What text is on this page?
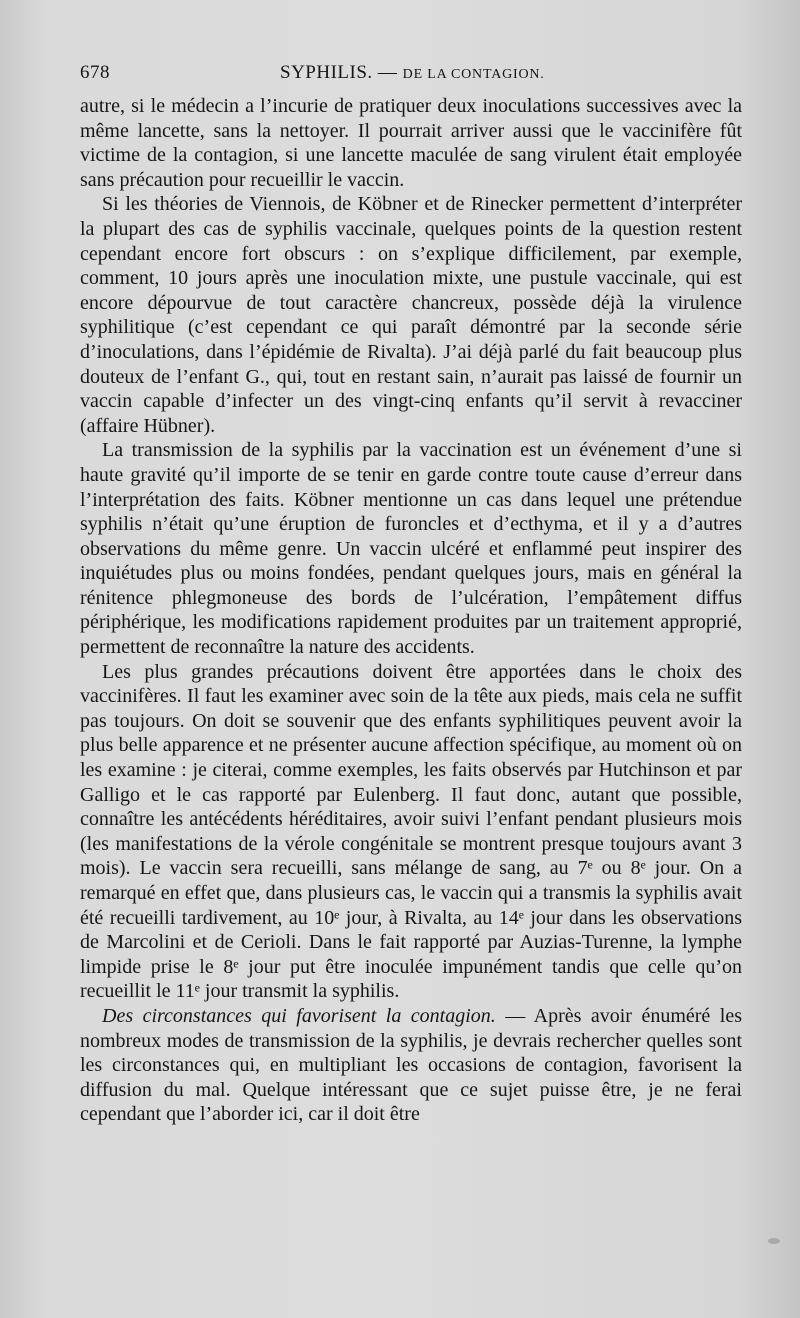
678	SYPHILIS. — DE LA CONTAGION.

autre, si le médecin a l’incurie de pratiquer deux inoculations successives avec la même lancette, sans la nettoyer. Il pourrait arriver aussi que le vaccinifère fût victime de la contagion, si une lancette maculée de sang virulent était employée sans précaution pour recueillir le vaccin.

Si les théories de Viennois, de Köbner et de Rinecker permettent d’interpréter la plupart des cas de syphilis vaccinale, quelques points de la question restent cependant encore fort obscurs : on s’explique difficilement, par exemple, comment, 10 jours après une inoculation mixte, une pustule vaccinale, qui est encore dépourvue de tout caractère chancreux, possède déjà la virulence syphilitique (c’est cependant ce qui paraît démontré par la seconde série d’inoculations, dans l’épidémie de Rivalta). J’ai déjà parlé du fait beaucoup plus douteux de l’enfant G., qui, tout en restant sain, n’aurait pas laissé de fournir un vaccin capable d’infecter un des vingt-cinq enfants qu’il servit à revacciner (affaire Hübner).

La transmission de la syphilis par la vaccination est un événement d’une si haute gravité qu’il importe de se tenir en garde contre toute cause d’erreur dans l’interprétation des faits. Köbner mentionne un cas dans lequel une prétendue syphilis n’était qu’une éruption de furoncles et d’ecthyma, et il y a d’autres observations du même genre. Un vaccin ulcéré et enflammé peut inspirer des inquiétudes plus ou moins fondées, pendant quelques jours, mais en général la rénitence phlegmoneuse des bords de l’ulcération, l’empâtement diffus périphérique, les modifications rapidement produites par un traitement approprié, permettent de reconnaître la nature des accidents.

Les plus grandes précautions doivent être apportées dans le choix des vaccinifères. Il faut les examiner avec soin de la tête aux pieds, mais cela ne suffit pas toujours. On doit se souvenir que des enfants syphilitiques peuvent avoir la plus belle apparence et ne présenter aucune affection spécifique, au moment où on les examine : je citerai, comme exemples, les faits observés par Hutchinson et par Galligo et le cas rapporté par Eulenberg. Il faut donc, autant que possible, connaître les antécédents héréditaires, avoir suivi l’enfant pendant plusieurs mois (les manifestations de la vérole congénitale se montrent presque toujours avant 3 mois). Le vaccin sera recueilli, sans mélange de sang, au 7ᵉ ou 8ᵉ jour. On a remarqué en effet que, dans plusieurs cas, le vaccin qui a transmis la syphilis avait été recueilli tardivement, au 10ᵉ jour, à Rivalta, au 14ᵉ jour dans les observations de Marcolini et de Cerioli. Dans le fait rapporté par Auzias-Turenne, la lymphe limpide prise le 8ᵉ jour put être inoculée impunément tandis que celle qu’on recueillit le 11ᵉ jour transmit la syphilis.

Des circonstances qui favorisent la contagion. — Après avoir énuméré les nombreux modes de transmission de la syphilis, je devrais rechercher quelles sont les circonstances qui, en multipliant les occasions de contagion, favorisent la diffusion du mal. Quelque intéressant que ce sujet puisse être, je ne ferai cependant que l’aborder ici, car il doit être
